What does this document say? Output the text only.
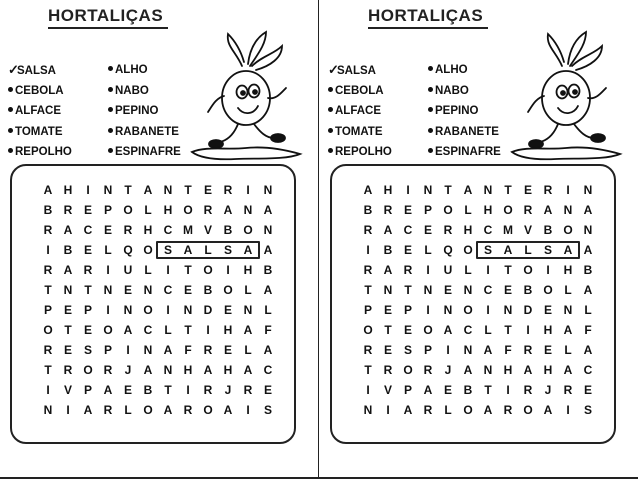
HORTALIÇAS
✓SALSA
CEBOLA
ALFACE
TOMATE
REPOLHO
ALHO
NABO
PEPINO
RABANETE
ESPINAFRE
A H I N T A N T E R I N
B R E P O L H O R A N A
R A C E R H C M V B O N
I B E L Q O S A L S A A
R A R I U L I T O I H B
T N T N E N C E B O L A
P E P I N O I N D E N L
O T E O A C L T I H A F
R E S P I N A F R E L A
T R O R J A N H A H A C
I V P A E B T I R J R E
N I A R L O A R O A I S
HORTALIÇAS
✓SALSA
CEBOLA
ALFACE
TOMATE
REPOLHO
ALHO
NABO
PEPINO
RABANETE
ESPINAFRE
A H I N T A N T E R I N
B R E P O L H O R A N A
R A C E R H C M V B O N
I B E L Q O S A L S A A
R A R I U L I T O I H B
T N T N E N C E B O L A
P E P I N O I N D E N L
O T E O A C L T I H A F
R E S P I N A F R E L A
T R O R J A N H A H A C
I V P A E B T I R J R E
N I A R L O A R O A I S
